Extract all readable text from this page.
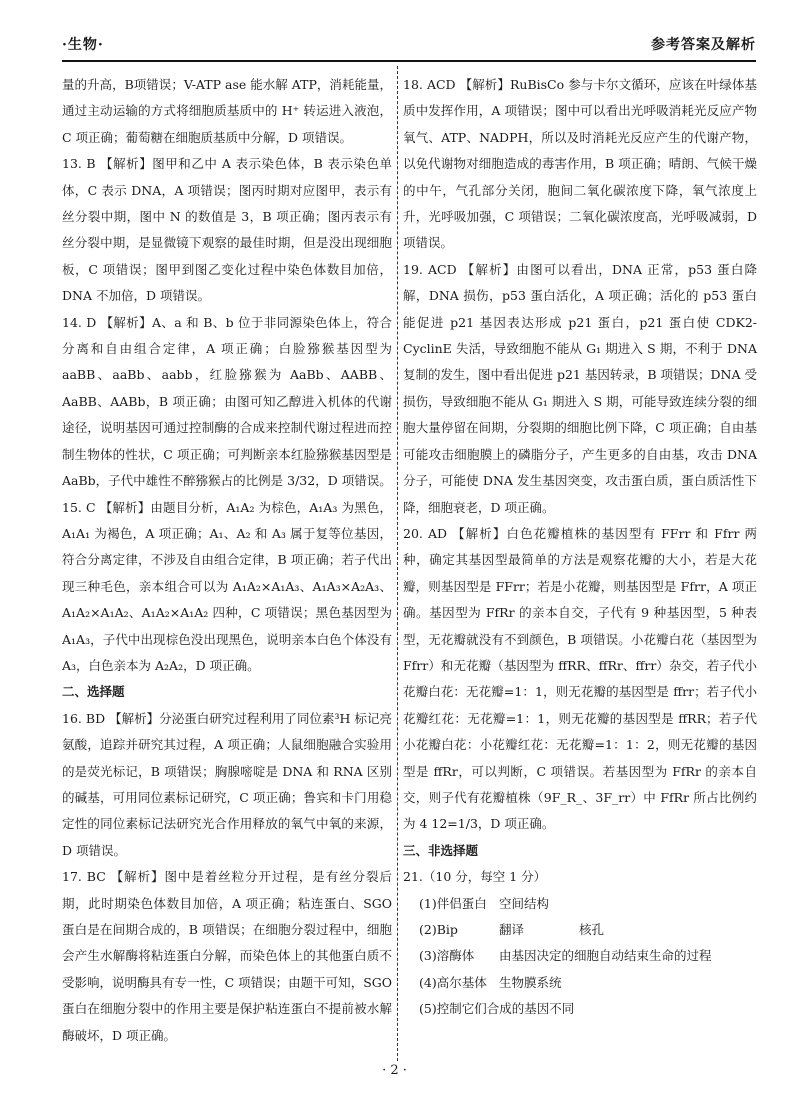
·生物·	参考答案及解析

量的升高，B项错误；V-ATP ase 能水解 ATP，消耗能量，通过主动运输的方式将细胞质基质中的 H⁺ 转运进入液泡，C 项正确；葡萄糖在细胞质基质中分解，D 项错误。

13. B 【解析】图甲和乙中 A 表示染色体，B 表示染色单体，C 表示 DNA，A 项错误；图丙时期对应图甲，表示有丝分裂中期，图中 N 的数值是 3，B 项正确；图丙表示有丝分裂中期，是显微镜下观察的最佳时期，但是没出现细胞板，C 项错误；图甲到图乙变化过程中染色体数目加倍，DNA 不加倍，D 项错误。

14. D 【解析】A、a 和 B、b 位于非同源染色体上，符合分离和自由组合定律，A 项正确；白脸猕猴基因型为 aaBB、aaBb、aabb，红脸猕猴为 AaBb、AABB、AaBB、AABb，B 项正确；由图可知乙醇进入机体的代谢途径，说明基因可通过控制酶的合成来控制代谢过程进而控制生物体的性状，C 项正确；可判断亲本红脸猕猴基因型是 AaBb，子代中雄性不醉猕猴占的比例是 3/32，D 项错误。

15. C 【解析】由题目分析，A₁A₂ 为棕色，A₁A₃ 为黑色，A₁A₁ 为褐色，A 项正确；A₁、A₂ 和 A₃ 属于复等位基因，符合分离定律，不涉及自由组合定律，B 项正确；若子代出现三种毛色，亲本组合可以为 A₁A₂×A₁A₃、A₁A₃×A₂A₃、A₁A₂×A₁A₂、A₁A₂×A₁A₂ 四种，C 项错误；黑色基因型为 A₁A₃，子代中出现棕色没出现黑色，说明亲本白色个体没有 A₃，白色亲本为 A₂A₂，D 项正确。

二、选择题

16. BD 【解析】分泌蛋白研究过程利用了同位素³H 标记亮氨酸，追踪并研究其过程，A 项正确；人鼠细胞融合实验用的是荧光标记，B 项错误；胸腺嘧啶是 DNA 和 RNA 区别的碱基，可用同位素标记研究，C 项正确；鲁宾和卡门用稳定性的同位素标记法研究光合作用释放的氧气中氧的来源，D 项错误。

17. BC 【解析】图中是着丝粒分开过程，是有丝分裂后期，此时期染色体数目加倍，A 项正确；粘连蛋白、SGO 蛋白是在间期合成的，B 项错误；在细胞分裂过程中，细胞会产生水解酶将粘连蛋白分解，而染色体上的其他蛋白质不受影响，说明酶具有专一性，C 项错误；由题干可知，SGO 蛋白在细胞分裂中的作用主要是保护粘连蛋白不提前被水解酶破坏，D 项正确。

18. ACD 【解析】RuBisCo 参与卡尔文循环，应该在叶绿体基质中发挥作用，A 项错误；图中可以看出光呼吸消耗光反应产物氧气、ATP、NADPH，所以及时消耗光反应产生的代谢产物，以免代谢物对细胞造成的毒害作用，B 项正确；晴朗、气候干燥的中午，气孔部分关闭，胞间二氧化碳浓度下降，氧气浓度上升，光呼吸加强，C 项错误；二氧化碳浓度高，光呼吸减弱，D 项错误。

19. ACD 【解析】由图可以看出，DNA 正常，p53 蛋白降解，DNA 损伤，p53 蛋白活化，A 项正确；活化的 p53 蛋白能促进 p21 基因表达形成 p21 蛋白，p21 蛋白使 CDK2-CyclinE 失活，导致细胞不能从 G₁ 期进入 S 期，不利于 DNA 复制的发生，图中看出促进 p21 基因转录，B 项错误；DNA 受损伤，导致细胞不能从 G₁ 期进入 S 期，可能导致连续分裂的细胞大量停留在间期，分裂期的细胞比例下降，C 项正确；自由基可能攻击细胞膜上的磷脂分子，产生更多的自由基，攻击 DNA 分子，可能使 DNA 发生基因突变，攻击蛋白质，蛋白质活性下降，细胞衰老，D 项正确。

20. AD 【解析】白色花瓣植株的基因型有 FFrr 和 Ffrr 两种，确定其基因型最简单的方法是观察花瓣的大小，若是大花瓣，则基因型是 FFrr；若是小花瓣，则基因型是 Ffrr，A 项正确。基因型为 FfRr 的亲本自交，子代有 9 种基因型，5 种表型，无花瓣就没有不到颜色，B 项错误。小花瓣白花（基因型为 Ffrr）和无花瓣（基因型为 ffRR、ffRr、ffrr）杂交，若子代小花瓣白花：无花瓣=1：1，则无花瓣的基因型是 ffrr；若子代小花瓣红花：无花瓣=1：1，则无花瓣的基因型是 ffRR；若子代小花瓣白花：小花瓣红花：无花瓣=1：1：2，则无花瓣的基因型是 ffRr，可以判断，C 项错误。若基因型为 FfRr 的亲本自交，则子代有花瓣植株（9F_R_、3F_rr）中 FfRr 所占比例约为 4 12=1/3，D 项正确。

三、非选择题

21.（10 分，每空 1 分）

(1)伴侣蛋白 空间结构

(2)Bip	翻译	核孔

(3)溶酶体 由基因决定的细胞自动结束生命的过程

(4)高尔基体 生物膜系统

(5)控制它们合成的基因不同

· 2 ·
